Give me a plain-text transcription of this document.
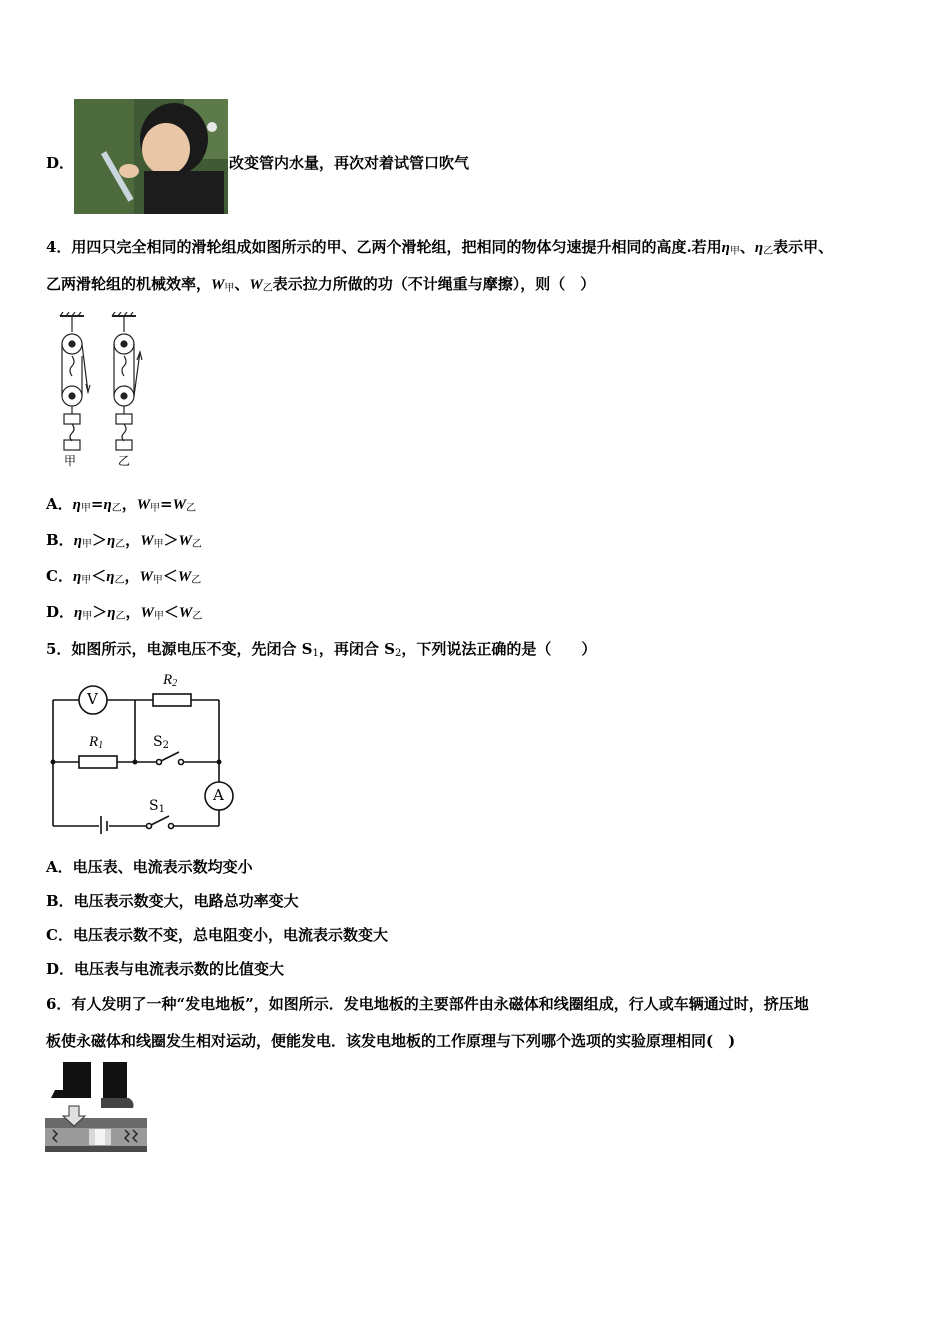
D．	改变管内水量，再次对着试管口吹气
4．用四只完全相同的滑轮组成如图所示的甲、乙两个滑轮组，把相同的物体匀速提升相同的高度.若用$\eta_甲$、$\eta_乙$表示甲、
乙两滑轮组的机械效率，$W_甲$、$W_乙$表示拉力所做的功（不计绳重与摩擦），则（　）
甲	乙
A．$\eta_甲=\eta_乙$，$W_甲=W_乙$
B．$\eta_甲>\eta_乙$，$W_甲>W_乙$
C．$\eta_甲<\eta_乙$，$W_甲<W_乙$
D．$\eta_甲>\eta_乙$，$W_甲<W_乙$
5．如图所示，电源电压不变，先闭合 $S_1$，再闭合 $S_2$，下列说法正确的是（　　）
V
A
$R_2$
$R_1$	$S_2$
$S_1$
A．电压表、电流表示数均变小
B．电压表示数变大，电路总功率变大
C．电压表示数不变，总电阻变小，电流表示数变大
D．电压表与电流表示数的比值变大
6．有人发明了一种“发电地板”，如图所示．发电地板的主要部件由永磁体和线圈组成，行人或车辆通过时，挤压地
板使永磁体和线圈发生相对运动，便能发电．该发电地板的工作原理与下列哪个选项的实验原理相同(　)
